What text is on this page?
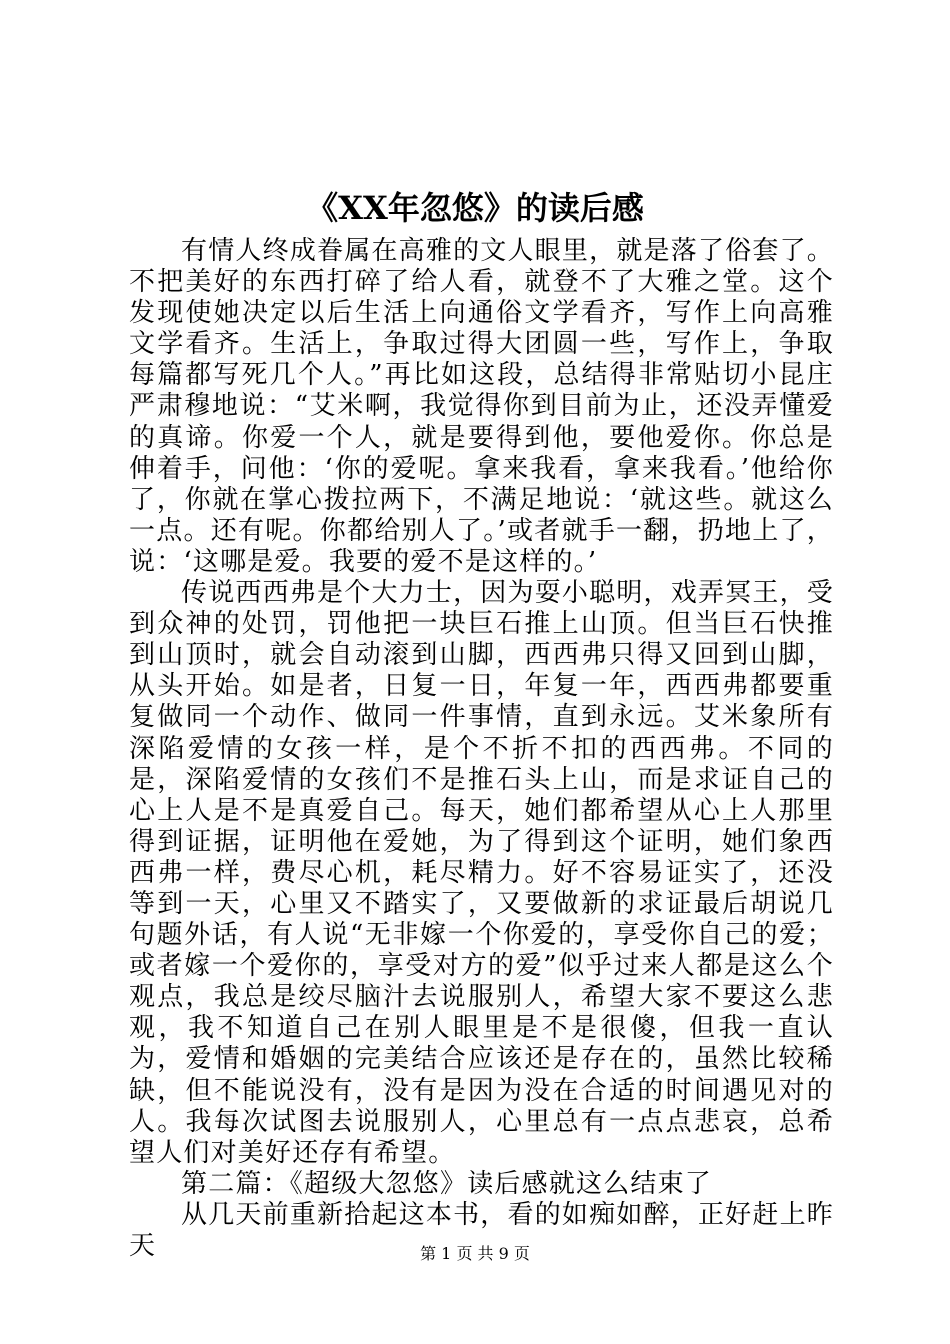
《XX年忽悠》的读后感

有情人终成眷属在高雅的文人眼里，就是落了俗套了。不把美好的东西打碎了给人看，就登不了大雅之堂。这个发现使她决定以后生活上向通俗文学看齐，写作上向高雅文学看齐。生活上，争取过得大团圆一些，写作上，争取每篇都写死几个人。”再比如这段，总结得非常贴切小昆庄严肃穆地说：“艾米啊，我觉得你到目前为止，还没弄懂爱的真谛。你爱一个人，就是要得到他，要他爱你。你总是伸着手，问他：‘你的爱呢。拿来我看，拿来我看。’他给你了，你就在掌心拨拉两下，不满足地说：‘就这些。就这么一点。还有呢。你都给别人了。’或者就手一翻，扔地上了，说：‘这哪是爱。我要的爱不是这样的。’

传说西西弗是个大力士，因为耍小聪明，戏弄冥王，受到众神的处罚，罚他把一块巨石推上山顶。但当巨石快推到山顶时，就会自动滚到山脚，西西弗只得又回到山脚，从头开始。如是者，日复一日，年复一年，西西弗都要重复做同一个动作、做同一件事情，直到永远。艾米象所有深陷爱情的女孩一样，是个不折不扣的西西弗。不同的是，深陷爱情的女孩们不是推石头上山，而是求证自己的心上人是不是真爱自己。每天，她们都希望从心上人那里得到证据，证明他在爱她，为了得到这个证明，她们象西西弗一样，费尽心机，耗尽精力。好不容易证实了，还没等到一天，心里又不踏实了，又要做新的求证最后胡说几句题外话，有人说“无非嫁一个你爱的，享受你自己的爱；或者嫁一个爱你的，享受对方的爱”似乎过来人都是这么个观点，我总是绞尽脑汁去说服别人，希望大家不要这么悲观，我不知道自己在别人眼里是不是很傻，但我一直认为，爱情和婚姻的完美结合应该还是存在的，虽然比较稀缺，但不能说没有，没有是因为没在合适的时间遇见对的人。我每次试图去说服别人，心里总有一点点悲哀，总希望人们对美好还存有希望。

第二篇：《超级大忽悠》读后感就这么结束了

从几天前重新拾起这本书，看的如痴如醉，正好赶上昨天	第 1 页 共 9 页
